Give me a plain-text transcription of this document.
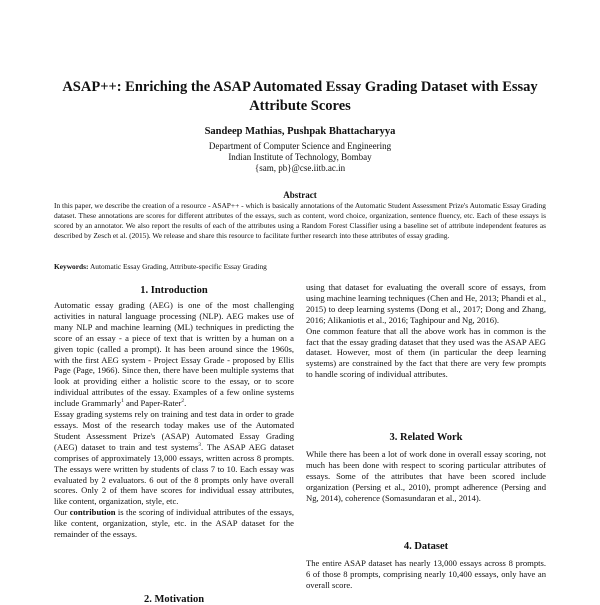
ASAP++: Enriching the ASAP Automated Essay Grading Dataset with Essay Attribute Scores
Sandeep Mathias, Pushpak Bhattacharyya
Department of Computer Science and Engineering
Indian Institute of Technology, Bombay
{sam, pb}@cse.iitb.ac.in
Abstract
In this paper, we describe the creation of a resource - ASAP++ - which is basically annotations of the Automatic Student Assessment Prize's Automatic Essay Grading dataset. These annotations are scores for different attributes of the essays, such as content, word choice, organization, sentence fluency, etc. Each of these essays is scored by an annotator. We also report the results of each of the attributes using a Random Forest Classifier using a baseline set of attribute independent features as described by Zesch et al. (2015). We release and share this resource to facilitate further research into these attributes of essay grading.
Keywords: Automatic Essay Grading, Attribute-specific Essay Grading
1. Introduction

Automatic essay grading (AEG) is one of the most challenging activities in natural language processing (NLP). AEG makes use of many NLP and machine learning (ML) techniques in predicting the score of an essay - a piece of text that is written by a human on a given topic (called a prompt). It has been around since the 1960s, with the first AEG system - Project Essay Grade - proposed by Ellis Page (Page, 1966). Since then, there have been multiple systems that look at providing either a holistic score to the essay, or to score individual attributes of the essay. Examples of a few online systems include Grammarly$^1$ and Paper-Rater$^2$.

Essay grading systems rely on training and test data in order to grade essays. Most of the research today makes use of the Automated Student Assessment Prize's (ASAP) Automated Essay Grading (AEG) dataset to train and test systems$^3$. The ASAP AEG dataset comprises of approximately 13,000 essays, written across 8 prompts. The essays were written by students of class 7 to 10. Each essay was evaluated by 2 evaluators. 6 out of the 8 prompts only have overall scores. Only 2 of them have scores for individual essay attributes, like content, organization, style, etc.

Our contribution is the scoring of individual attributes of the essays, like content, organization, style, etc. in the ASAP dataset for the remainder of the essays.

2. Motivation

using that dataset for evaluating the overall score of essays, from using machine learning techniques (Chen and He, 2013; Phandi et al., 2015) to deep learning systems (Dong et al., 2017; Dong and Zhang, 2016; Alikaniotis et al., 2016; Taghipour and Ng, 2016).

One common feature that all the above work has in common is the fact that the essay grading dataset that they used was the ASAP AEG dataset. However, most of them (in particular the deep learning systems) are constrained by the fact that there are very few prompts to handle scoring of individual attributes.

3. Related Work
While there has been a lot of work done in overall essay scoring, not much has been done with respect to scoring particular attributes of essays. Some of the attributes that have been scored include organization (Persing et al., 2010), prompt adherence (Persing and Ng, 2014), coherence (Somasundaran et al., 2014).
4. Dataset
The entire ASAP dataset has nearly 13,000 essays across 8 prompts. 6 of those 8 prompts, comprising nearly 10,400 essays, only have an overall score.
